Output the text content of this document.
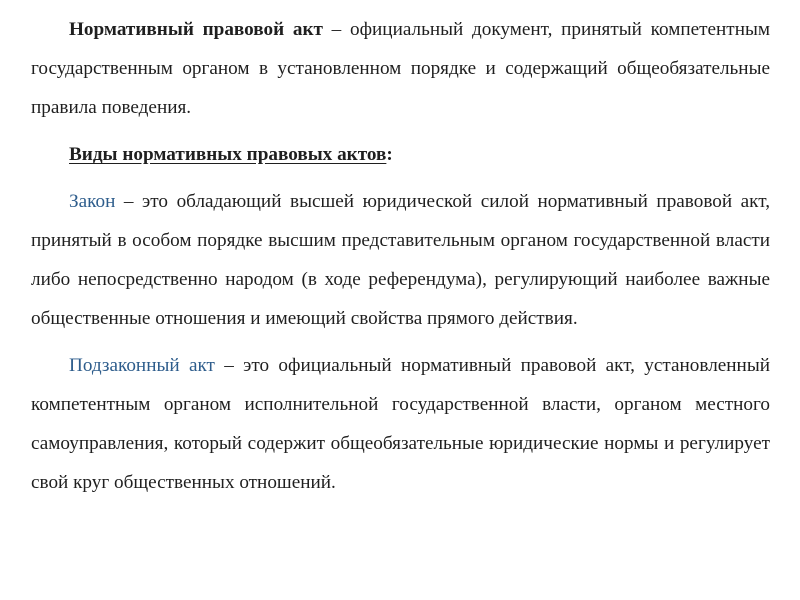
Нормативный правовой акт – официальный документ, принятый компетентным государственным органом в установленном порядке и содержащий общеобязательные правила поведения.

Виды нормативных правовых актов:

Закон – это обладающий высшей юридической силой нормативный правовой акт, принятый в особом порядке высшим представительным органом государственной власти либо непосредственно народом (в ходе референдума), регулирующий наиболее важные общественные отношения и имеющий свойства прямого действия.

Подзаконный акт – это официальный нормативный правовой акт, установленный компетентным органом исполнительной государственной власти, органом местного самоуправления, который содержит общеобязательные юридические нормы и регулирует свой круг общественных отношений.
